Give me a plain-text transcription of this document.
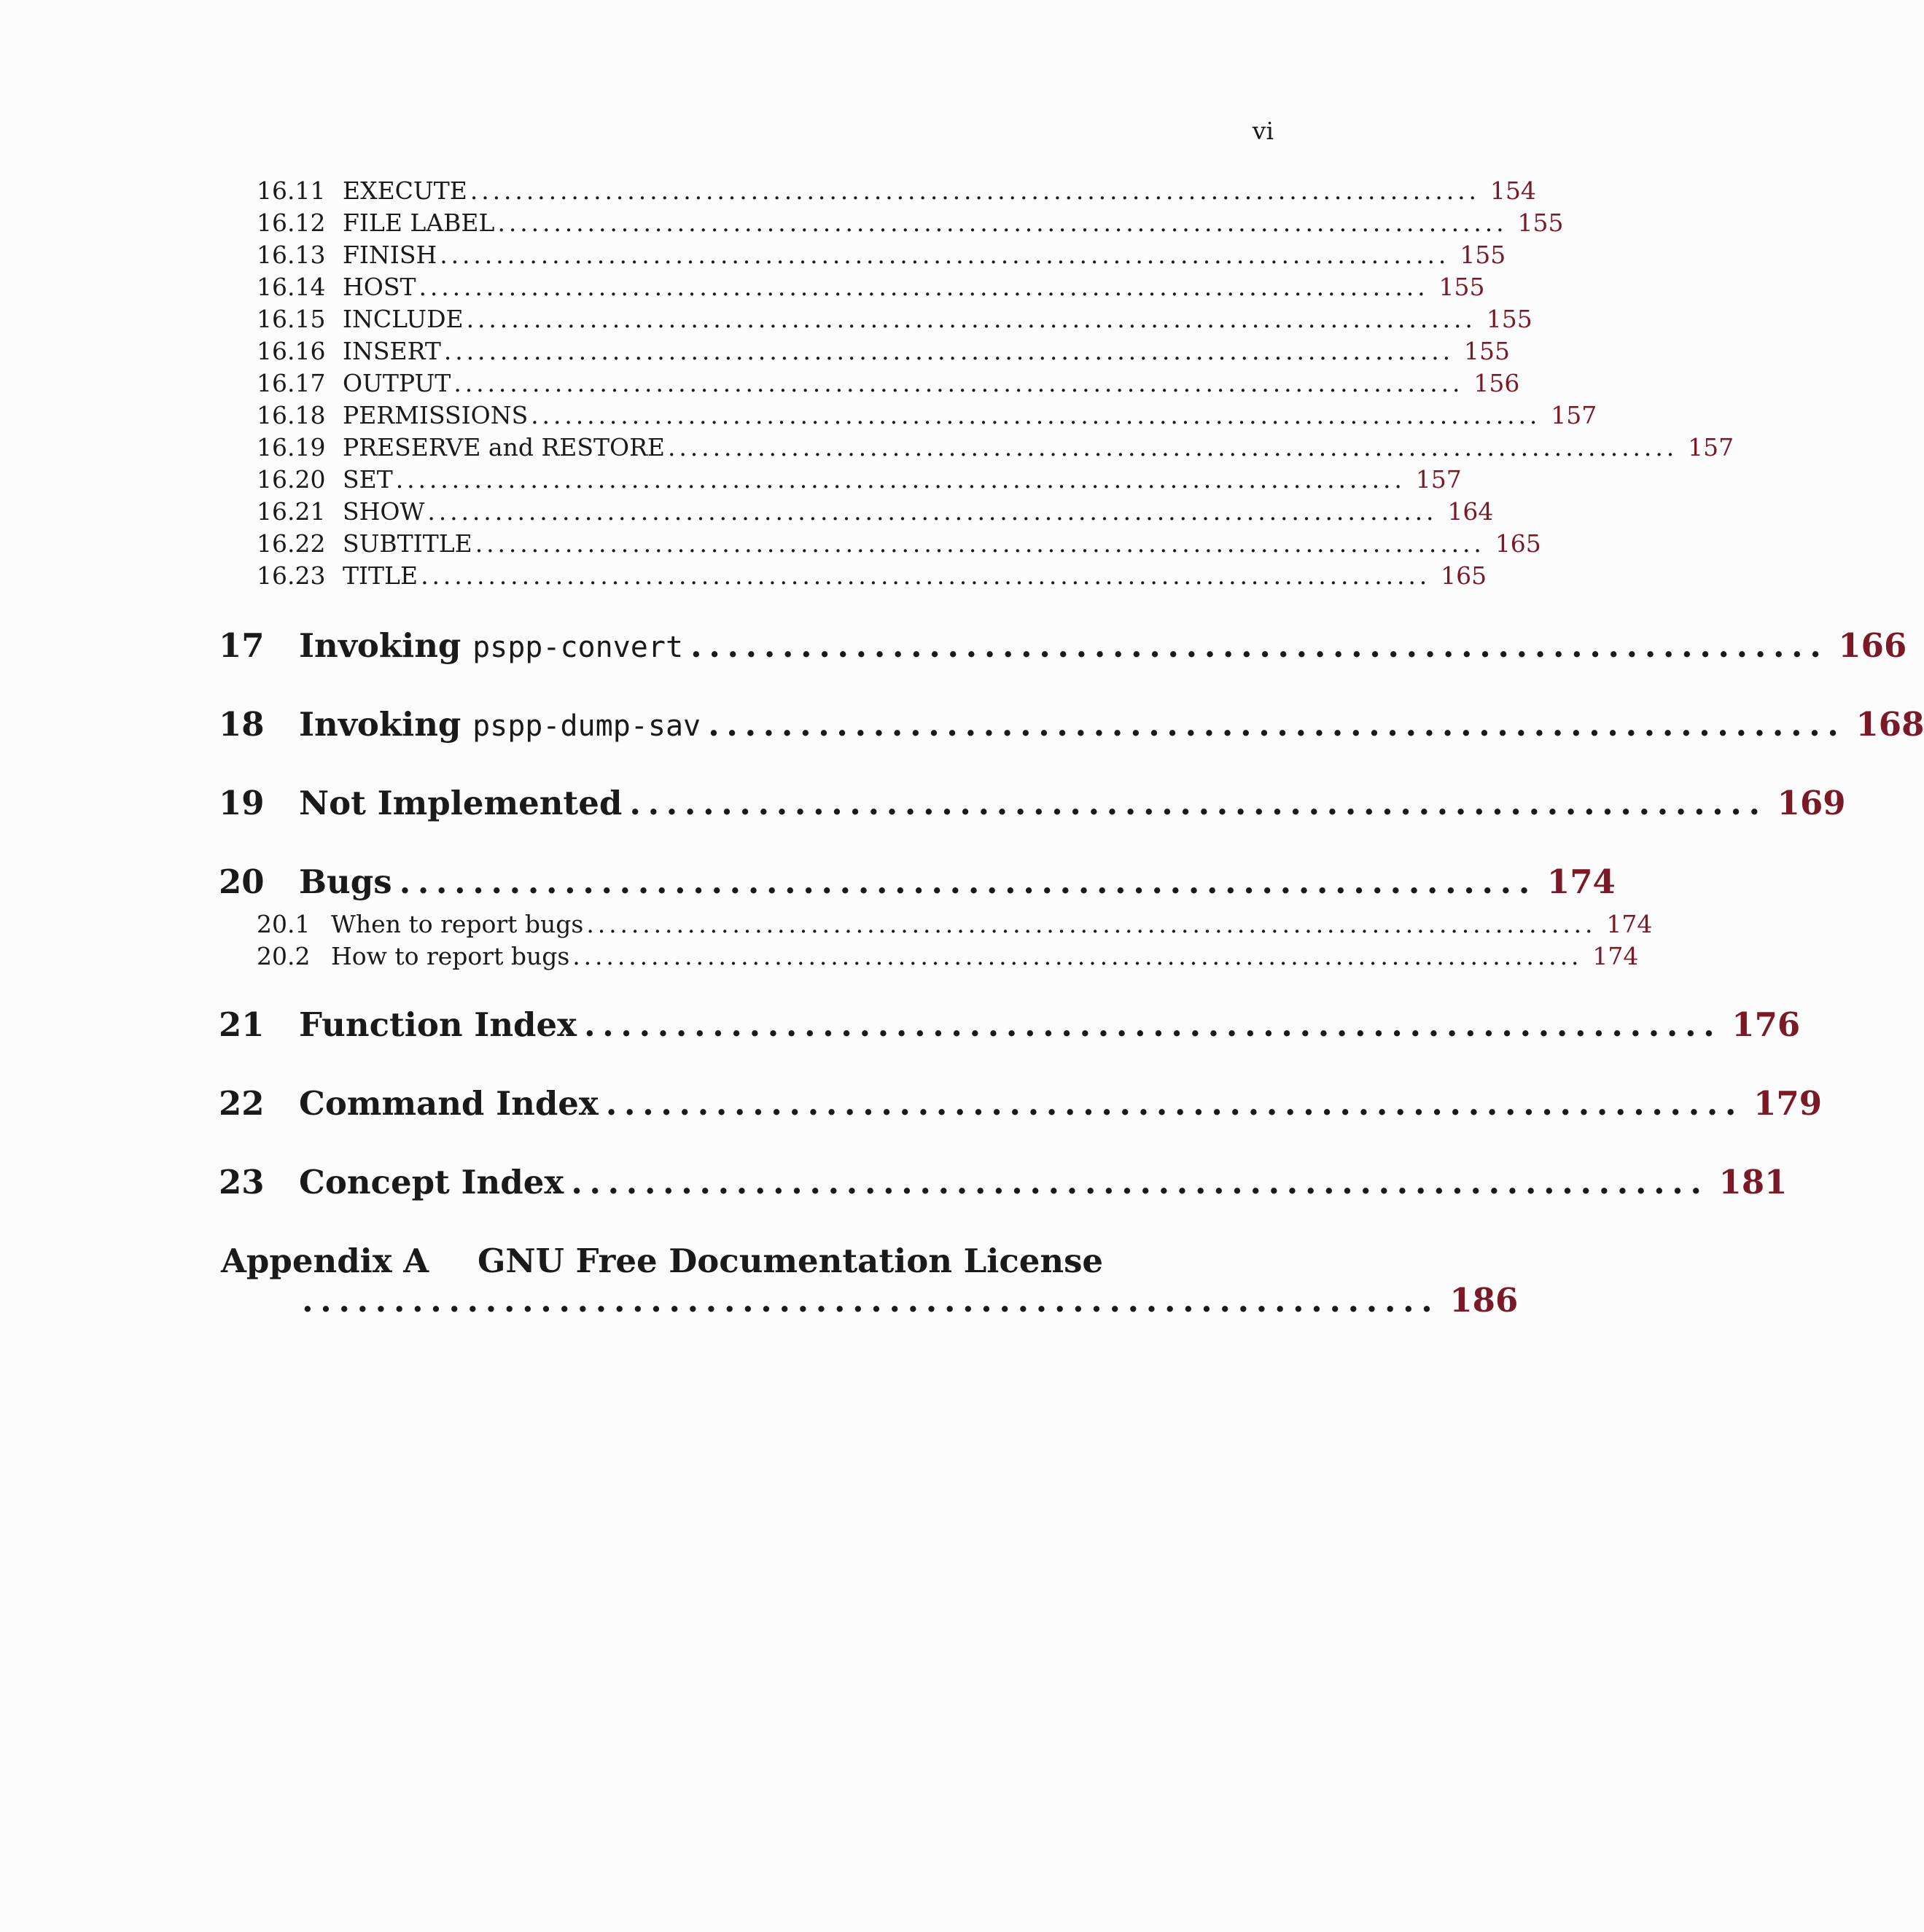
vi
16.11 EXECUTE .......................................................................................... 154
16.12 FILE LABEL .......................................................................................... 155
16.13 FINISH .......................................................................................... 155
16.14 HOST .......................................................................................... 155
16.15 INCLUDE .......................................................................................... 155
16.16 INSERT .......................................................................................... 155
16.17 OUTPUT .......................................................................................... 156
16.18 PERMISSIONS .......................................................................................... 157
16.19 PRESERVE and RESTORE .......................................................................................... 157
16.20 SET .......................................................................................... 157
16.21 SHOW .......................................................................................... 164
16.22 SUBTITLE .......................................................................................... 165
16.23 TITLE .......................................................................................... 165
17	Invoking pspp-convert .............................................................. 166
18	Invoking pspp-dump-sav .............................................................. 168
19	Not Implemented .............................................................. 169
20	Bugs .............................................................. 174
20.1 When to report bugs .......................................................................................... 174
20.2 How to report bugs .......................................................................................... 174
21	Function Index .............................................................. 176
22	Command Index .............................................................. 179
23	Concept Index .............................................................. 181
Appendix A GNU Free Documentation License
.............................................................. 186
